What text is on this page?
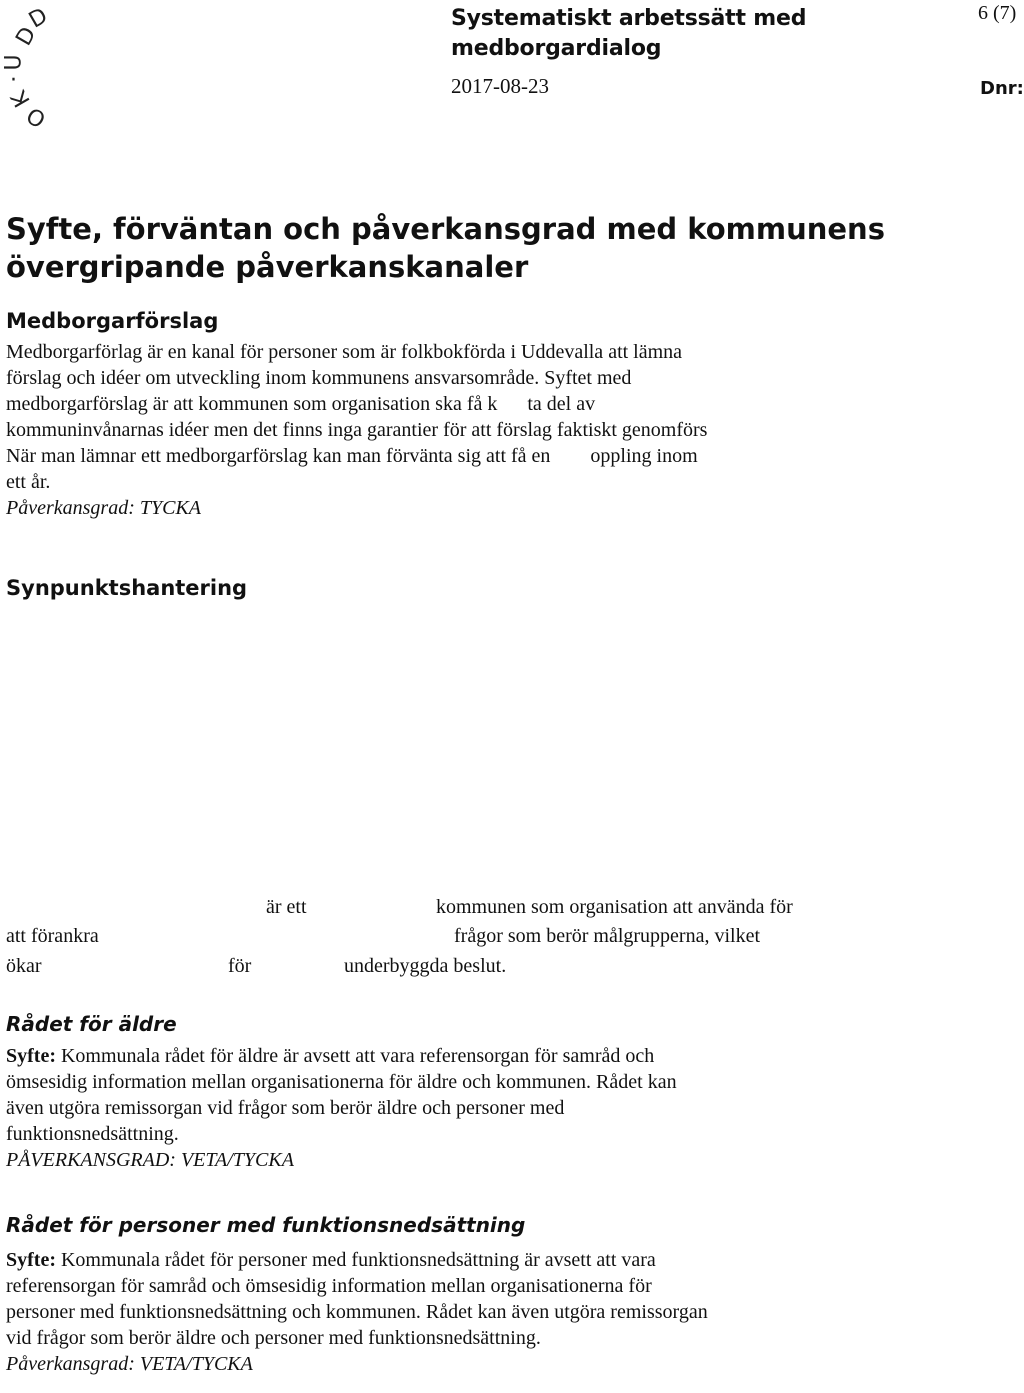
D
D
U
·
K
O
Systematiskt arbetssätt med
medborgardialog
2017-08-23
6 (7)
Dnr:
Syfte, förväntan och påverkansgrad med kommunens
övergripande påverkanskanaler
Medborgarförslag
Medborgarförlag är en kanal för personer som är folkbokförda i Uddevalla att lämna
förslag och idéer om utveckling inom kommunens ansvarsområde. Syftet med
medborgarförslag är att kommunen som organisation ska få k      ta del av
kommuninvånarnas idéer men det finns inga garantier för att förslag faktiskt genomförs
När man lämnar ett medborgarförslag kan man förvänta sig att få en        oppling inom
ett år.
Påverkansgrad: TYCKA
Synpunktshantering
är ett	kommunen som organisation att använda för
att förankra	frågor som berör målgrupperna, vilket
ökar	för	underbyggda beslut.
Rådet för äldre
Syfte: Kommunala rådet för äldre är avsett att vara referensorgan för samråd och
ömsesidig information mellan organisationerna för äldre och kommunen. Rådet kan
även utgöra remissorgan vid frågor som berör äldre och personer med
funktionsnedsättning.
PÅVERKANSGRAD: VETA/TYCKA
Rådet för personer med funktionsnedsättning
Syfte: Kommunala rådet för personer med funktionsnedsättning är avsett att vara
referensorgan för samråd och ömsesidig information mellan organisationerna för
personer med funktionsnedsättning och kommunen. Rådet kan även utgöra remissorgan
vid frågor som berör äldre och personer med funktionsnedsättning.
Påverkansgrad: VETA/TYCKA
